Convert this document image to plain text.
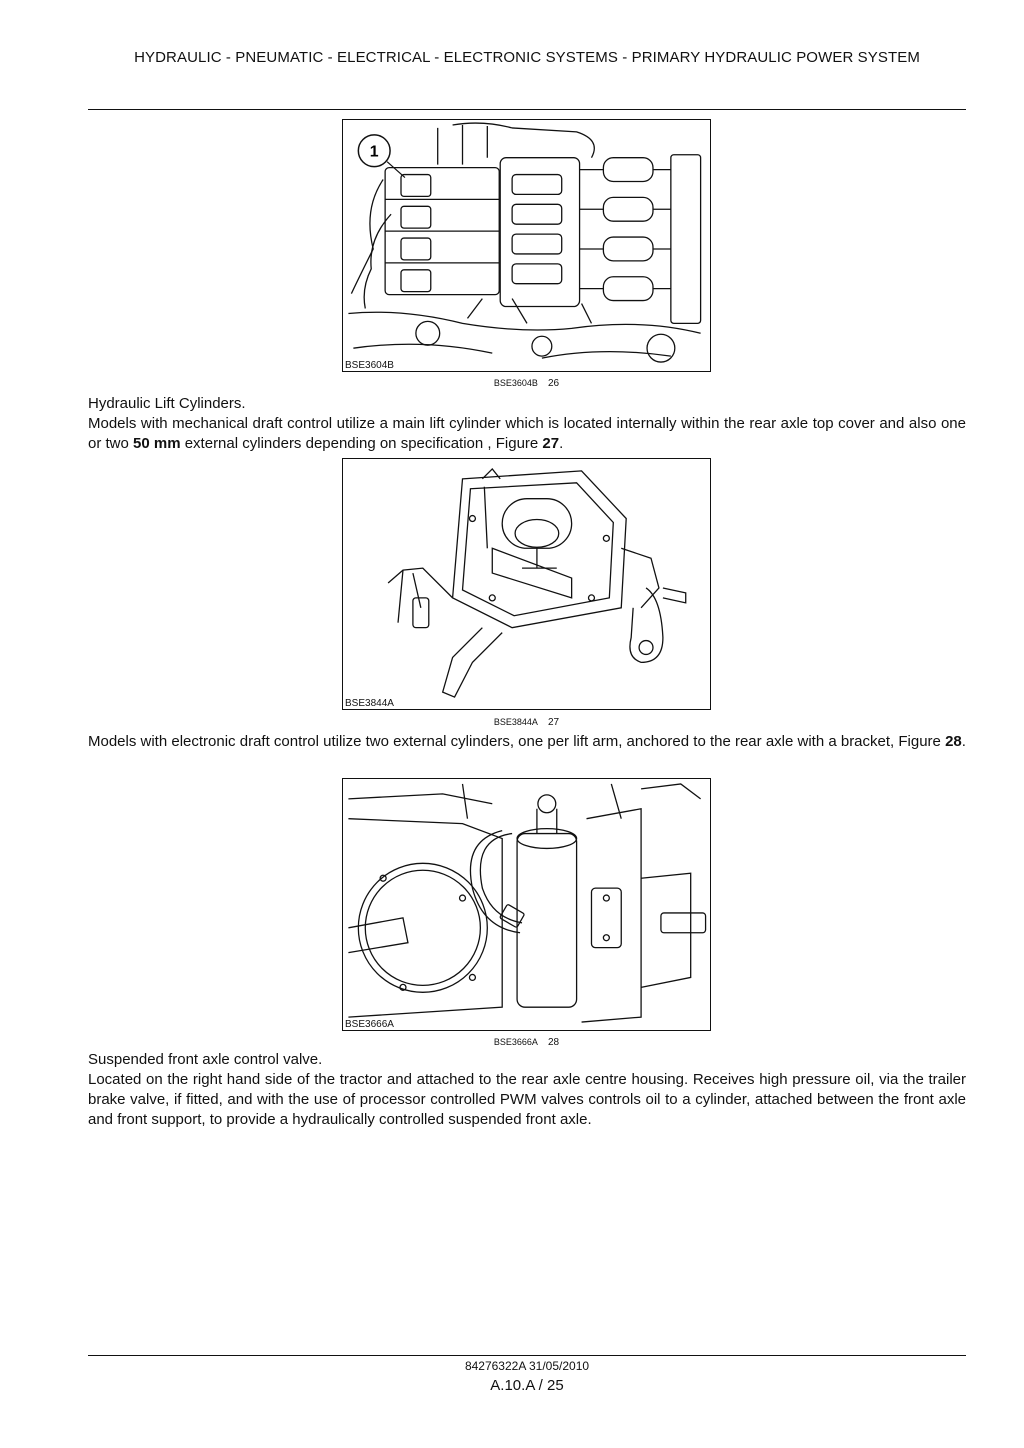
HYDRAULIC - PNEUMATIC - ELECTRICAL - ELECTRONIC SYSTEMS - PRIMARY HYDRAULIC POWER SYSTEM
1
BSE3604B
BSE3604B 26

Hydraulic Lift Cylinders.

Models with mechanical draft control utilize a main lift cylinder which is located internally within the rear axle top cover and also one or two 50 mm external cylinders depending on specification , Figure 27.

BSE3844A
BSE3844A 27

Models with electronic draft control utilize two external cylinders, one per lift arm, anchored to the rear axle with a bracket, Figure 28.

BSE3666A
BSE3666A 28

Suspended front axle control valve.

Located on the right hand side of the tractor and attached to the rear axle centre housing. Receives high pressure oil, via the trailer brake valve, if fitted, and with the use of processor controlled PWM valves controls oil to a cylinder, attached between the front axle and front support, to provide a hydraulically controlled suspended front axle.

84276322A 31/05/2010
A.10.A / 25
